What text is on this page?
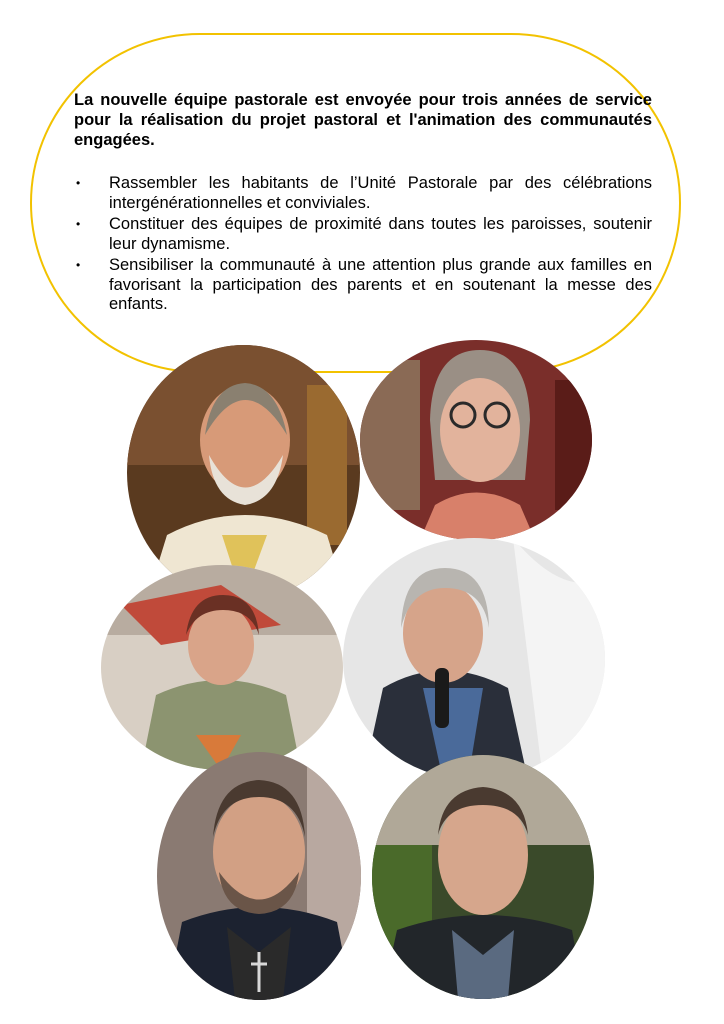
La nouvelle équipe pastorale est envoyée pour trois années de service pour la réalisation du projet pastoral et l'animation des communautés engagées.

• Rassembler les habitants de l’Unité Pastorale par des célébrations intergénérationnelles et conviviales.
• Constituer des équipes de proximité dans toutes les paroisses, soutenir leur dynamisme.
• Sensibiliser la communauté à une attention plus grande aux familles en favorisant la participation des parents et en soutenant la messe des enfants.
